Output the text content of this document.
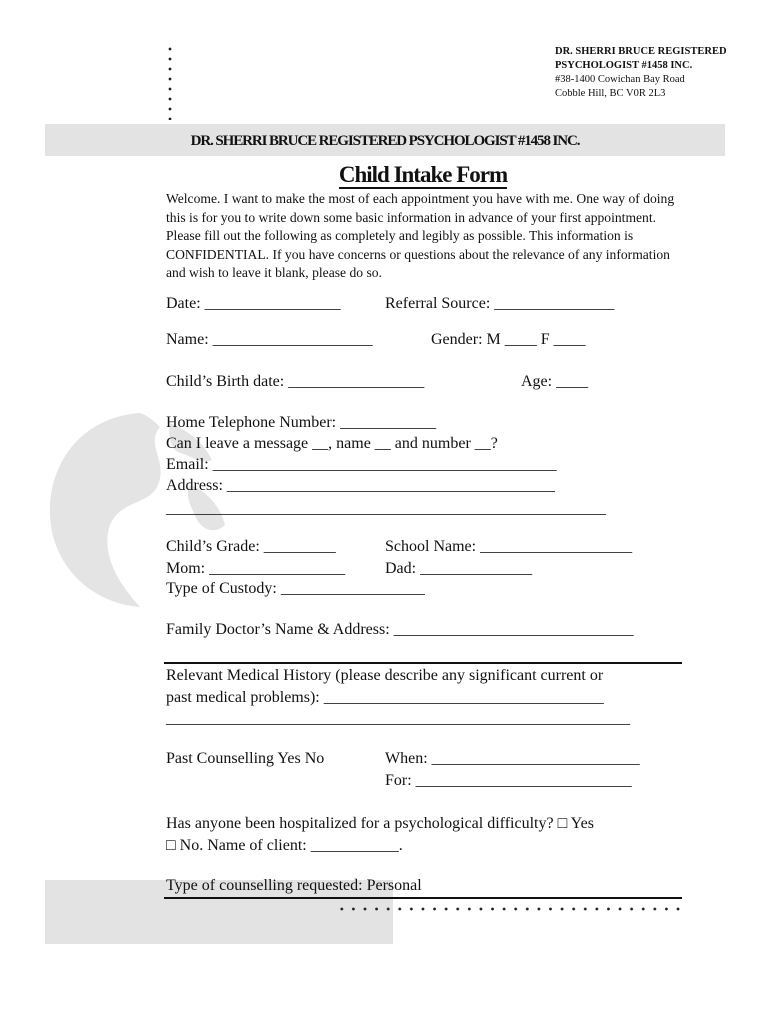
DR. SHERRI BRUCE REGISTERED
PSYCHOLOGIST #1458 INC.
#38-1400 Cowichan Bay Road
Cobble Hill, BC V0R 2L3
DR. SHERRI BRUCE REGISTERED PSYCHOLOGIST #1458 INC.
Child Intake Form
Welcome. I want to make the most of each appointment you have with me. One way of doing this is for you to write down some basic information in advance of your first appointment. Please fill out the following as completely and legibly as possible. This information is CONFIDENTIAL. If you have concerns or questions about the relevance of any information and wish to leave it blank, please do so.
Date: _________________	Referral Source: _______________
Name: ____________________	Gender: M ____ F ____
Child’s Birth date: _________________	Age: ____
Home Telephone Number: ____________
Can I leave a message __, name __ and number __?
Email: ___________________________________________
Address: _________________________________________
_______________________________________________________
Child’s Grade: _________	School Name: ___________________
Mom: _________________ Dad: ______________
Type of Custody: __________________
Family Doctor’s Name & Address: ______________________________
Relevant Medical History (please describe any significant current or
past medical problems): ___________________________________
__________________________________________________________
Past Counselling Yes No	When: __________________________
For: ___________________________
Has anyone been hospitalized for a psychological difficulty? □ Yes
□ No. Name of client: ___________.
Type of counselling requested: Personal
